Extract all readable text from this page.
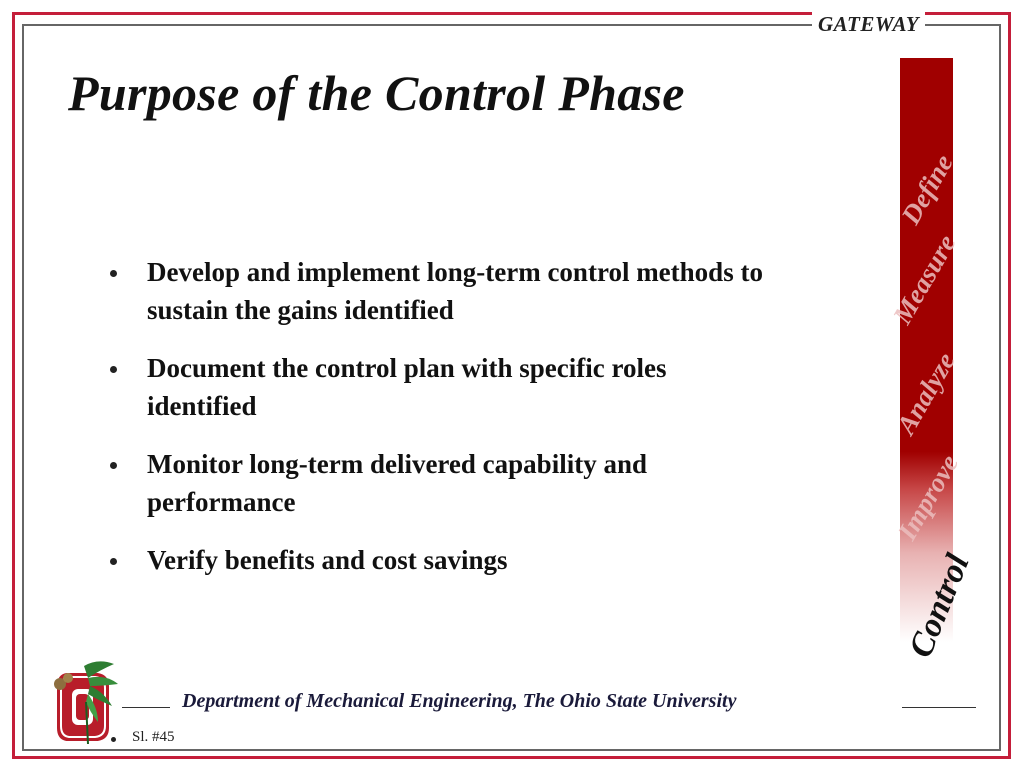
GATEWAY
Purpose of the Control Phase
Define
Measure
Analyze
Improve
Control
Develop and implement long-term control methods to sustain the gains identified
Document the control plan with specific roles identified
Monitor long-term delivered capability and performance
Verify benefits and cost savings
Department of Mechanical Engineering, The Ohio State University
Sl. #45
